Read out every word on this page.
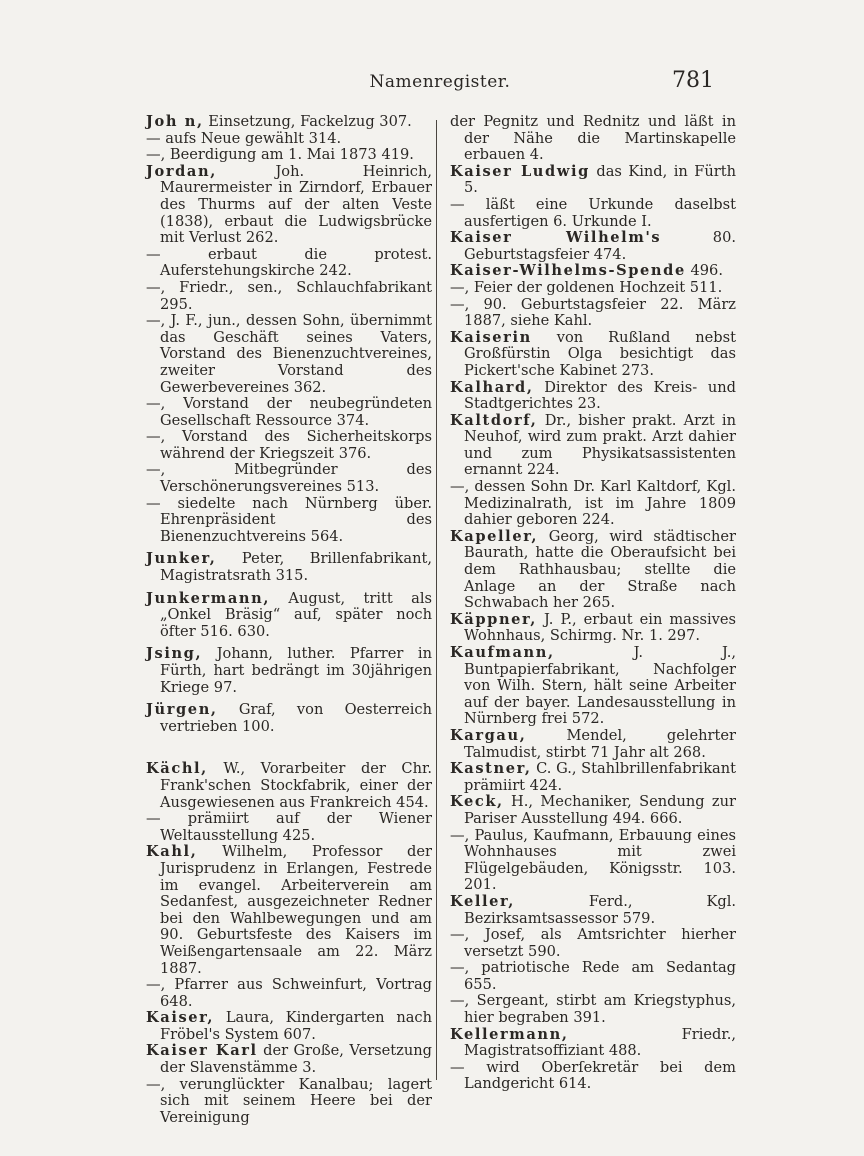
Namenregister.	781

Joh n, Einsetzung, Fackelzug 307.

— aufs Neue gewählt 314.

—, Beerdigung am 1. Mai 1873 419.

Jordan, Joh. Heinrich, Maurermeister in Zirndorf, Erbauer des Thurms auf der alten Veste (1838), erbaut die Ludwigsbrücke mit Verlust 262.

— erbaut die protest. Auferstehungskirche 242.

—, Friedr., sen., Schlauchfabrikant 295.

—, J. F., jun., dessen Sohn, übernimmt das Geschäft seines Vaters, Vorstand des Bienenzuchtvereines, zweiter Vorstand des Gewerbevereines 362.

—, Vorstand der neubegründeten Gesellschaft Ressource 374.

—, Vorstand des Sicherheitskorps während der Kriegszeit 376.

—, Mitbegründer des Verschönerungsvereines 513.

— siedelte nach Nürnberg über. Ehrenpräsident des Bienenzuchtvereins 564.

Junker, Peter, Brillenfabrikant, Magistratsrath 315.

Junkermann, August, tritt als „Onkel Bräsig“ auf, später noch öfter 516. 630.

Jsing, Johann, luther. Pfarrer in Fürth, hart bedrängt im 30jährigen Kriege 97.

Jürgen, Graf, von Oesterreich vertrieben 100.

Kächl, W., Vorarbeiter der Chr. Frank'schen Stockfabrik, einer der Ausgewiesenen aus Frankreich 454.

— prämiirt auf der Wiener Weltausstellung 425.

Kahl, Wilhelm, Professor der Jurisprudenz in Erlangen, Festrede im evangel. Arbeiterverein am Sedanfest, ausgezeichneter Redner bei den Wahlbewegungen und am 90. Geburtsfeste des Kaisers im Weißengartensaale am 22. März 1887.

—, Pfarrer aus Schweinfurt, Vortrag 648.

Kaiser, Laura, Kindergarten nach Fröbel's System 607.

Kaiser Karl der Große, Versetzung der Slavenstämme 3.

—, verunglückter Kanalbau; lagert sich mit seinem Heere bei der Vereinigung

der Pegnitz und Rednitz und läßt in der Nähe die Martinskapelle erbauen 4.

Kaiser Ludwig das Kind, in Fürth 5.

— läßt eine Urkunde daselbst ausfertigen 6. Urkunde I.

Kaiser Wilhelm's 80. Geburtstagsfeier 474.

Kaiser-Wilhelms-Spende 496.

—, Feier der goldenen Hochzeit 511.

—, 90. Geburtstagsfeier 22. März 1887, siehe Kahl.

Kaiserin von Rußland nebst Großfürstin Olga besichtigt das Pickert'sche Kabinet 273.

Kalhard, Direktor des Kreis- und Stadtgerichtes 23.

Kaltdorf, Dr., bisher prakt. Arzt in Neuhof, wird zum prakt. Arzt dahier und zum Physikatsassistenten ernannt 224.

—, dessen Sohn Dr. Karl Kaltdorf, Kgl. Medizinalrath, ist im Jahre 1809 dahier geboren 224.

Kapeller, Georg, wird städtischer Baurath, hatte die Oberaufsicht bei dem Rathhausbau; stellte die Anlage an der Straße nach Schwabach her 265.

Käppner, J. P., erbaut ein massives Wohnhaus, Schirmg. Nr. 1. 297.

Kaufmann, J. J., Buntpapierfabrikant, Nachfolger von Wilh. Stern, hält seine Arbeiter auf der bayer. Landesausstellung in Nürnberg frei 572.

Kargau, Mendel, gelehrter Talmudist, stirbt 71 Jahr alt 268.

Kastner, C. G., Stahlbrillenfabrikant prämiirt 424.

Keck, H., Mechaniker, Sendung zur Pariser Ausstellung 494. 666.

—, Paulus, Kaufmann, Erbauung eines Wohnhauses mit zwei Flügelgebäuden, Königsstr. 103. 201.

Keller, Ferd., Kgl. Bezirksamtsassessor 579.

—, Josef, als Amtsrichter hierher versetzt 590.

—, patriotische Rede am Sedantag 655.

—, Sergeant, stirbt am Kriegstyphus, hier begraben 391.

Kellermann, Friedr., Magistratsoffiziant 488.

— wird Oberſekretär bei dem Landgericht 614.
